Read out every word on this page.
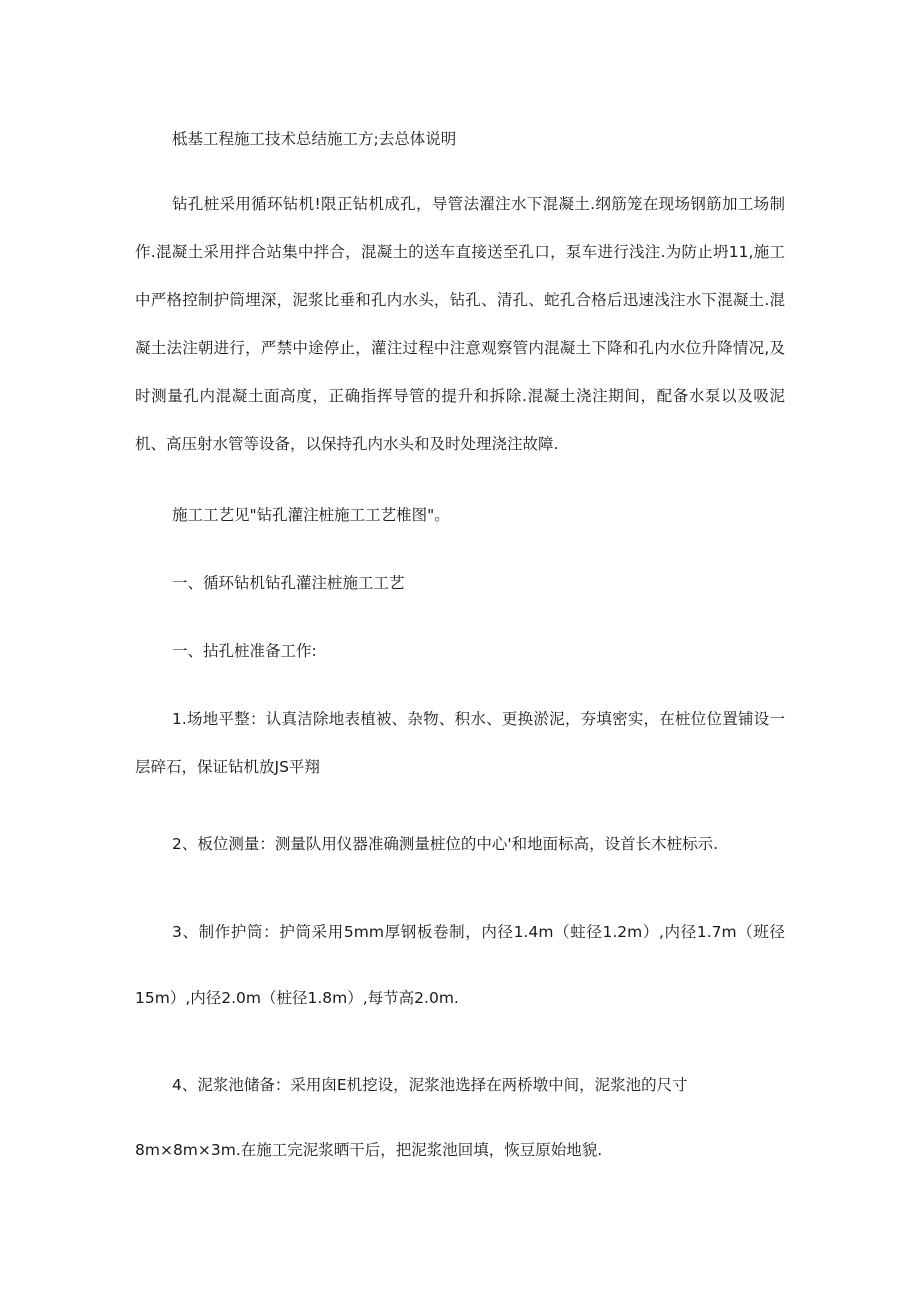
柢基工程施工技术总结施工方;去总体说明
钻孔桩采用循环钻机!限正钻机成孔，导管法濯注水下混凝土.纲筋笼在现场钢筋加工场制
作.混凝土采用拌合站集中拌合，混凝土的送车直接送至孔口，泵车进行浅注.为防止坍11,施工
中严格控制护筒埋深，泥浆比垂和孔内水头，钻孔、清孔、蛇孔合格后迅速浅注水下混凝土.混
凝土法注朝进行，严禁中途停止，灌注过程中注意观察管内混凝土下降和孔内水位升降情况,及
时测量孔内混凝土面高度，正确指挥导管的提升和拆除.混凝土浇注期间，配备水泵以及吸泥
机、高压射水管等设备，以保持孔内水头和及时处理浇注故障.
施工工艺见"钻孔灌注桩施工工艺椎图"。
一、循环钻机钻孔灌注桩施工工艺
一、拈孔桩准备工作:
1.场地平整：认真洁除地表植被、杂物、积水、更换淤泥，夯填密实，在桩位位置铺设一
层碎石，保证钻机放JS平翔
2、板位测量：测量队用仪器准确测量桩位的中心'和地面标高，设首长木桩标示.
3、制作护筒：护筒采用5mm厚钢板卷制，内径1.4m（蛀径1.2m）,内径1.7m（班径
15m）,内径2.0m（桩径1.8m）,每节高2.0m.
4、泥浆池储备：采用囱E机挖设，泥浆池选择在两桥墩中间，泥浆池的尺寸
8m×8m×3m.在施工完泥浆晒干后，把泥浆池回填，恢豆原始地貌.
